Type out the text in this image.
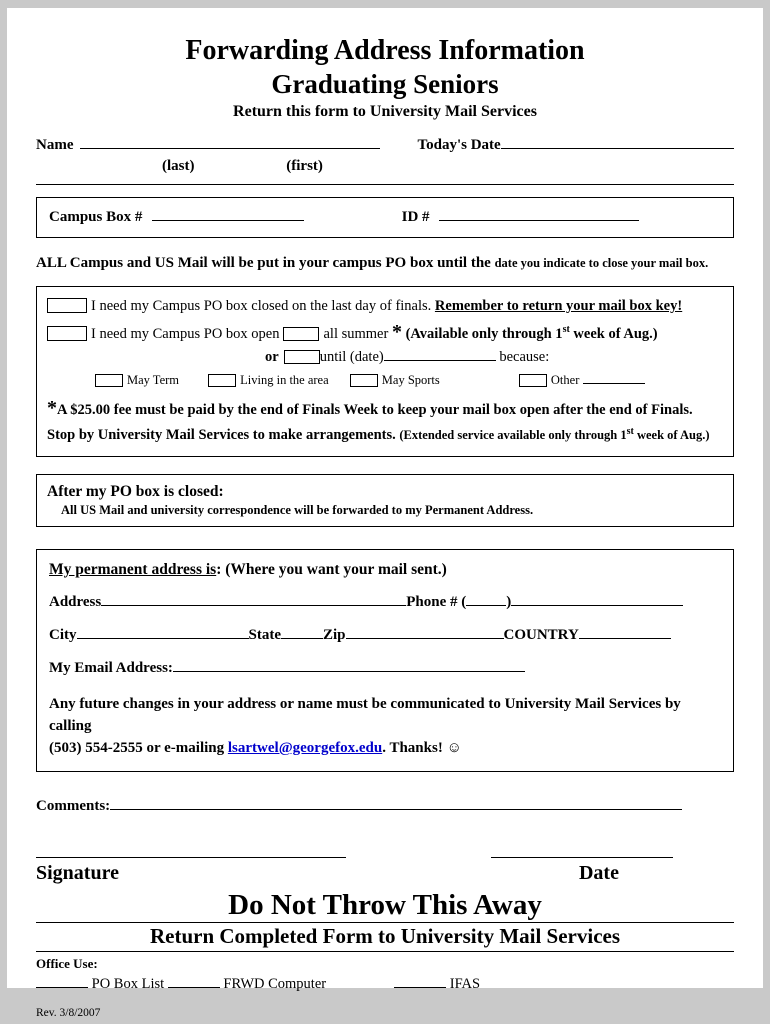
Forwarding Address Information
Graduating Seniors
Return this form to University Mail Services
Name	Today's Date
(last)	(first)
Campus Box #	ID #
ALL Campus and US Mail will be put in your campus PO box until the date you indicate to close your mail box.
I need my Campus PO box closed on the last day of finals. Remember to return your mail box key!
I need my Campus PO box open	all summer * (Available only through 1st week of Aug.)
or	until (date)	because:
May Term	Living in the area	May Sports	Other
*A $25.00 fee must be paid by the end of Finals Week to keep your mail box open after the end of Finals.
Stop by University Mail Services to make arrangements. (Extended service available only through 1st week of Aug.)
After my PO box is closed:
All US Mail and university correspondence will be forwarded to my Permanent Address.
My permanent address is: (Where you want your mail sent.)
Address	Phone # (	)
City	State	Zip	COUNTRY
My Email Address:
Any future changes in your address or name must be communicated to University Mail Services by calling
(503) 554-2555 or e-mailing lsartwel@georgefox.edu. Thanks! ☺
Comments:
Signature	Date
Do Not Throw This Away
Return Completed Form to University Mail Services
Office Use:
PO Box List	FRWD Computer	IFAS
Rev. 3/8/2007
